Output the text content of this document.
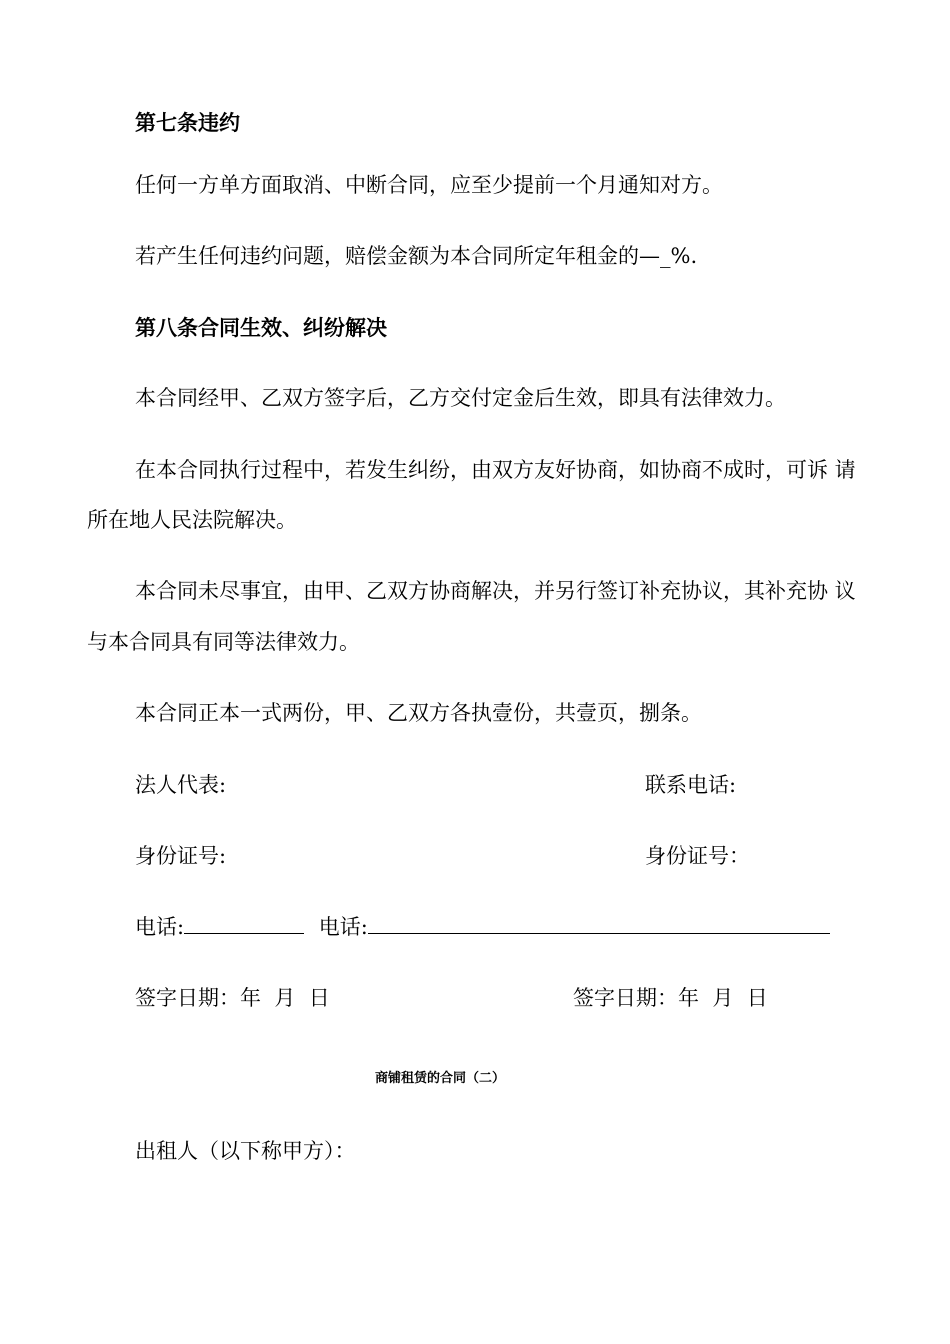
第七条违约
任何一方单方面取消、中断合同，应至少提前一个月通知对方。
若产生任何违约问题，赔偿金额为本合同所定年租金的—_%.
第八条合同生效、纠纷解决
本合同经甲、乙双方签字后，乙方交付定金后生效，即具有法律效力。
在本合同执行过程中，若发生纠纷，由双方友好协商，如协商不成时，可诉 请
所在地人民法院解决。
本合同未尽事宜，由甲、乙双方协商解决，并另行签订补充协议，其补充协 议
与本合同具有同等法律效力。
本合同正本一式两份，甲、乙双方各执壹份，共壹页，捌条。
法人代表:	联系电话:
身份证号:	身份证号：
电话:	电话:
签字日期：年  月  日	签字日期：年  月  日
商铺租赁的合同（二）
出租人（以下称甲方）：
